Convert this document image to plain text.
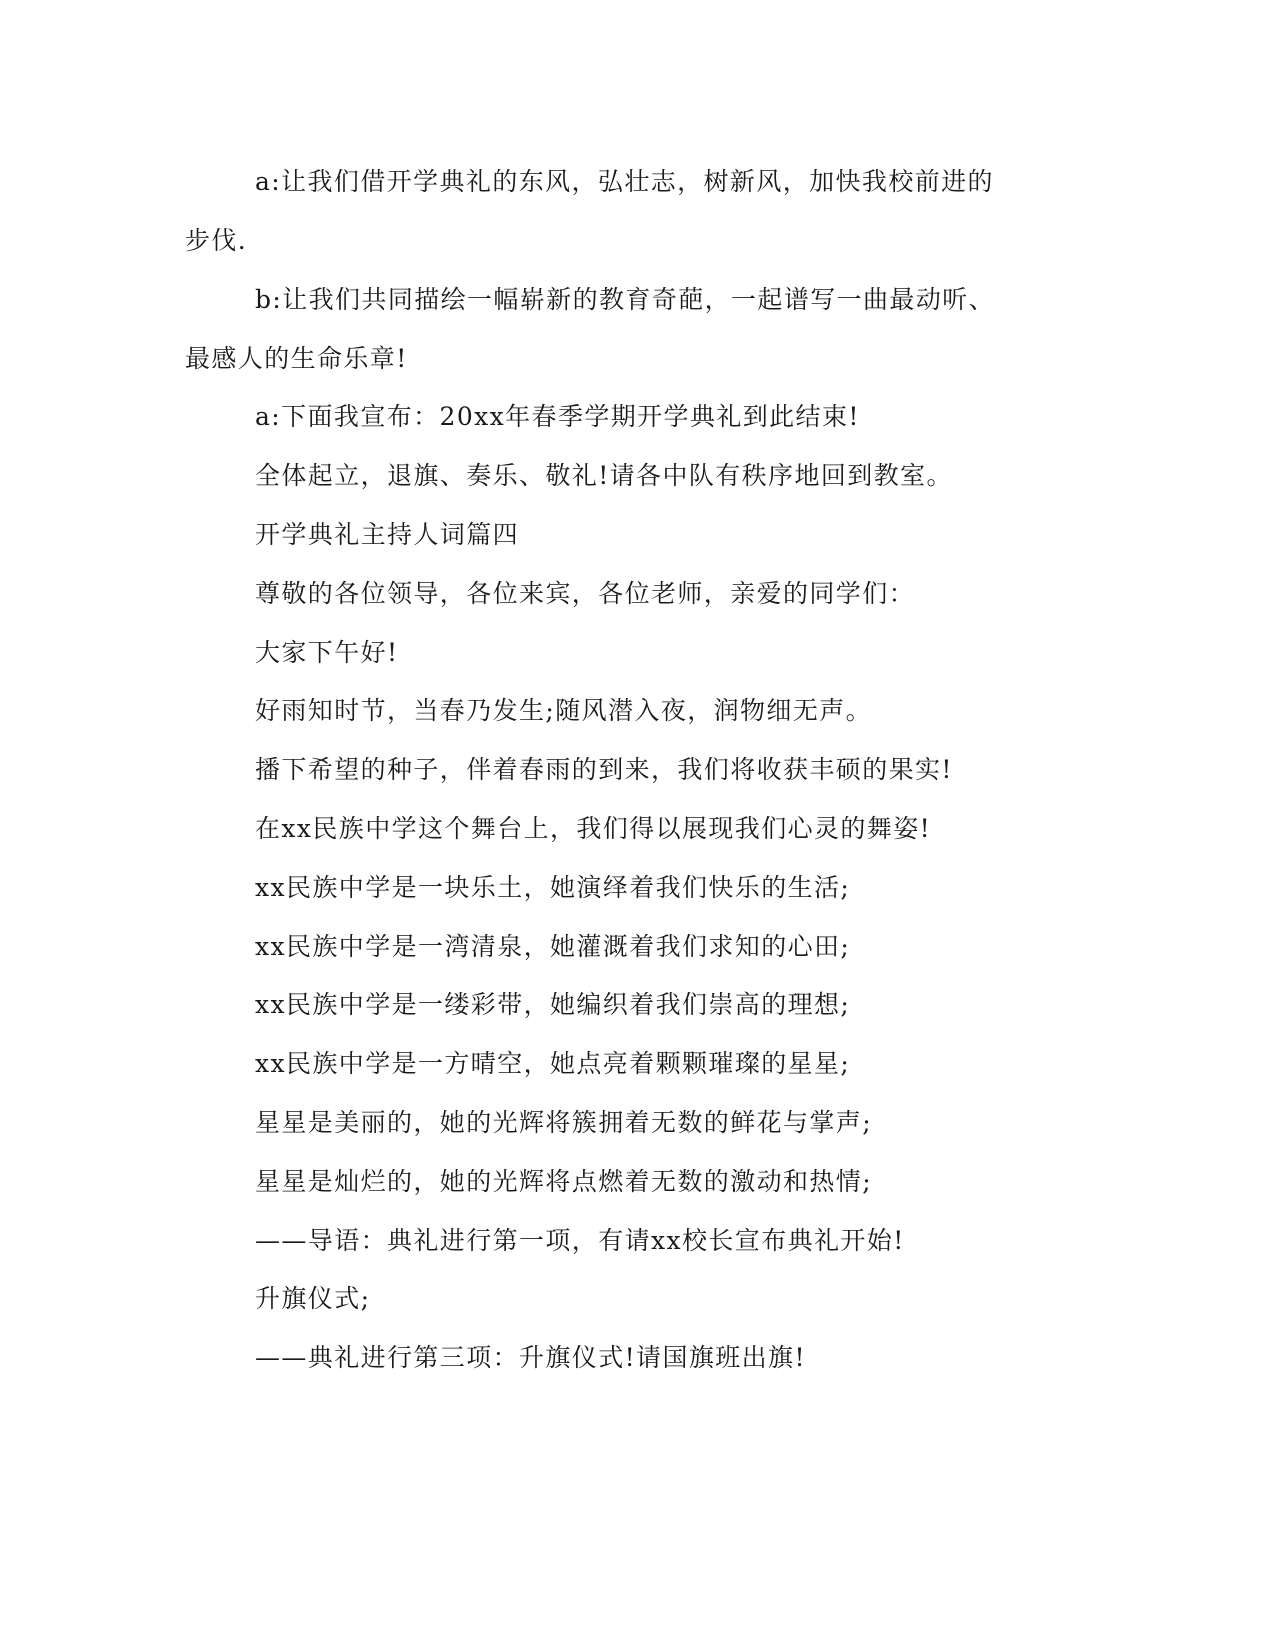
a:让我们借开学典礼的东风，弘壮志，树新风，加快我校前进的
步伐.
b:让我们共同描绘一幅崭新的教育奇葩，一起谱写一曲最动听、
最感人的生命乐章!
a:下面我宣布：20xx年春季学期开学典礼到此结束!
全体起立，退旗、奏乐、敬礼!请各中队有秩序地回到教室。
开学典礼主持人词篇四
尊敬的各位领导，各位来宾，各位老师，亲爱的同学们：
大家下午好!
好雨知时节，当春乃发生;随风潜入夜，润物细无声。
播下希望的种子，伴着春雨的到来，我们将收获丰硕的果实!
在xx民族中学这个舞台上，我们得以展现我们心灵的舞姿!
xx民族中学是一块乐土，她演绎着我们快乐的生活;
xx民族中学是一湾清泉，她灌溉着我们求知的心田;
xx民族中学是一缕彩带，她编织着我们崇高的理想;
xx民族中学是一方晴空，她点亮着颗颗璀璨的星星;
星星是美丽的，她的光辉将簇拥着无数的鲜花与掌声;
星星是灿烂的，她的光辉将点燃着无数的激动和热情;
——导语：典礼进行第一项，有请xx校长宣布典礼开始!
升旗仪式;
——典礼进行第三项：升旗仪式!请国旗班出旗!
